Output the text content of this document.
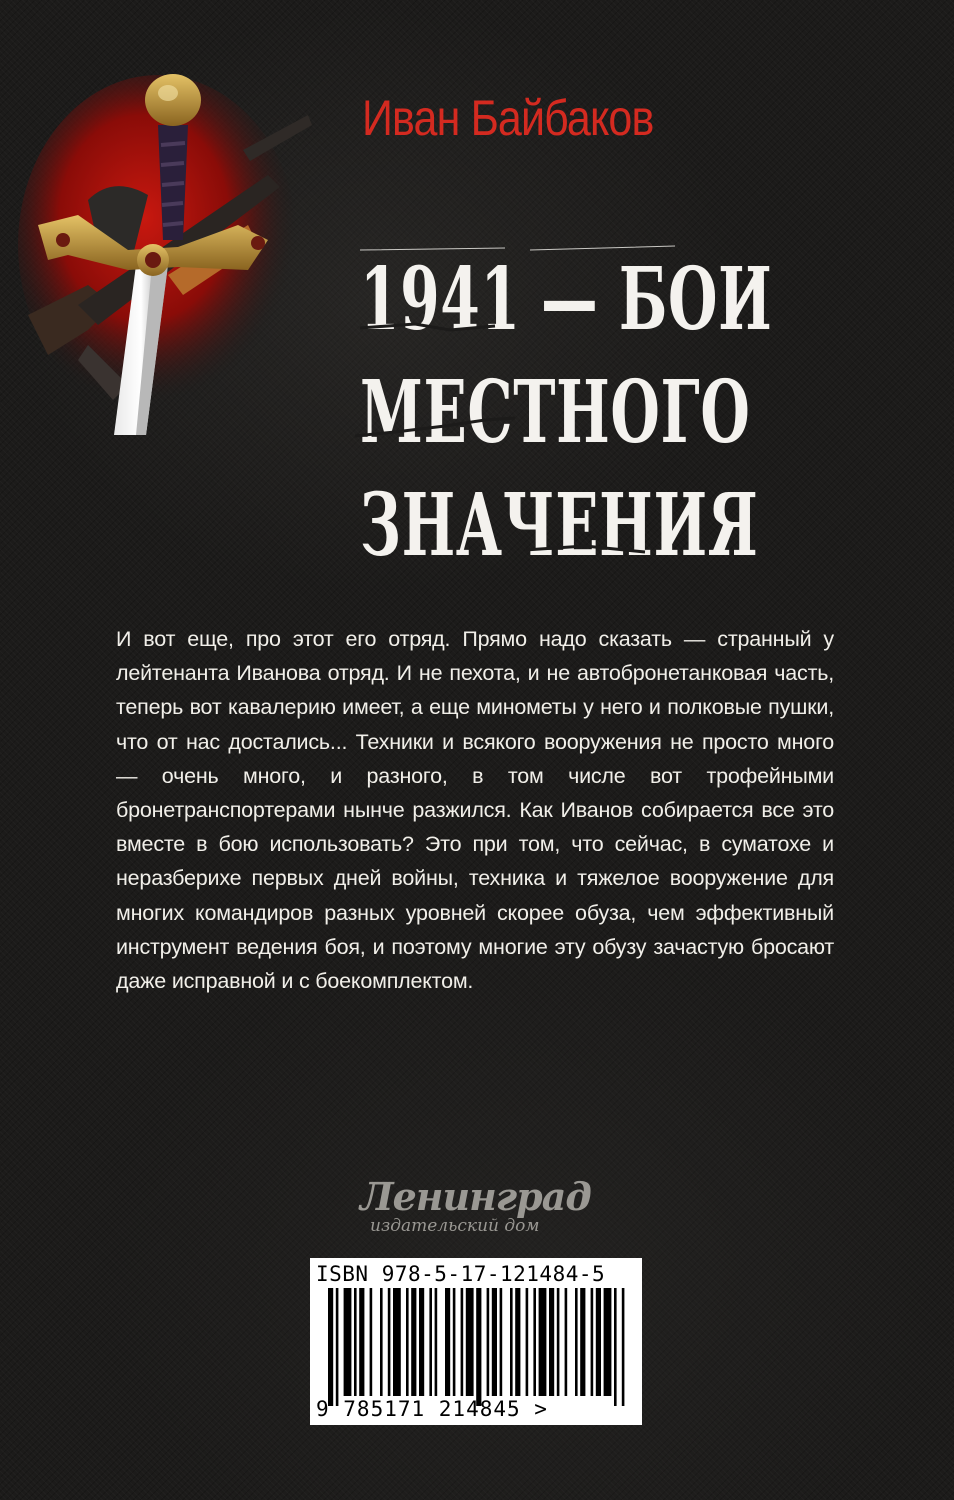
Иван Байбаков
1941 — БОИ
МЕСТНОГО
ЗНАЧЕНИЯ
И вот еще, про этот его отряд. Прямо надо сказать — странный у лейтенанта Иванова отряд. И не пехота, и не автобронетанковая часть, теперь вот кавалерию имеет, а еще минометы у него и полковые пушки, что от нас достались... Техники и всякого вооружения не просто много — очень много, и разного, в том числе вот трофейными бронетранспортерами нынче разжился. Как Иванов собирается все это вместе в бою использовать? Это при том, что сейчас, в суматохе и неразберихе первых дней войны, техника и тяжелое вооружение для многих командиров разных уровней скорее обуза, чем эффективный инструмент ведения боя, и поэтому многие эту обузу зачастую бросают даже исправной и с боекомплектом.
Ленинград
издательский дом
ISBN 978-5-17-121484-5
9 785171 214845 >
